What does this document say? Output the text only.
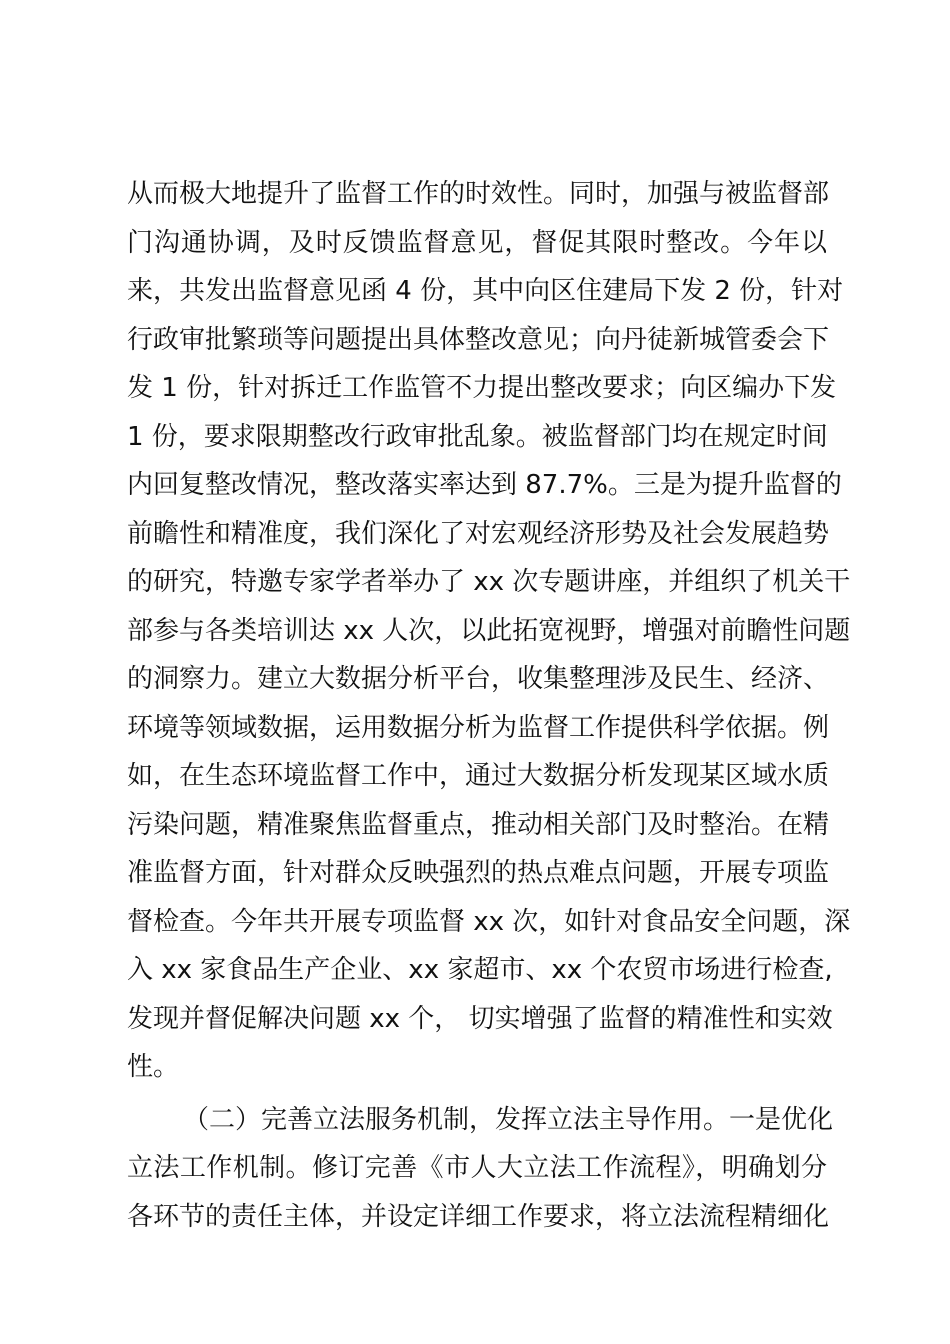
从而极大地提升了监督工作的时效性。同时，加强与被监督部
门沟通协调，及时反馈监督意见，督促其限时整改。今年以
来，共发出监督意见函 4 份，其中向区住建局下发 2 份，针对
行政审批繁琐等问题提出具体整改意见；向丹徒新城管委会下
发 1 份，针对拆迁工作监管不力提出整改要求；向区编办下发
1 份，要求限期整改行政审批乱象。被监督部门均在规定时间
内回复整改情况，整改落实率达到 87.7%。三是为提升监督的
前瞻性和精准度，我们深化了对宏观经济形势及社会发展趋势
的研究，特邀专家学者举办了 xx 次专题讲座，并组织了机关干
部参与各类培训达 xx 人次，以此拓宽视野，增强对前瞻性问题
的洞察力。建立大数据分析平台，收集整理涉及民生、经济、
环境等领域数据，运用数据分析为监督工作提供科学依据。例
如，在生态环境监督工作中，通过大数据分析发现某区域水质
污染问题，精准聚焦监督重点，推动相关部门及时整治。在精
准监督方面，针对群众反映强烈的热点难点问题，开展专项监
督检查。今年共开展专项监督 xx 次，如针对食品安全问题，深
入 xx 家食品生产企业、xx 家超市、xx 个农贸市场进行检查,
发现并督促解决问题 xx 个， 切实增强了监督的精准性和实效
性。
（二）完善立法服务机制，发挥立法主导作用。一是优化
立法工作机制。修订完善《市人大立法工作流程》，明确划分
各环节的责任主体，并设定详细工作要求，将立法流程精细化
